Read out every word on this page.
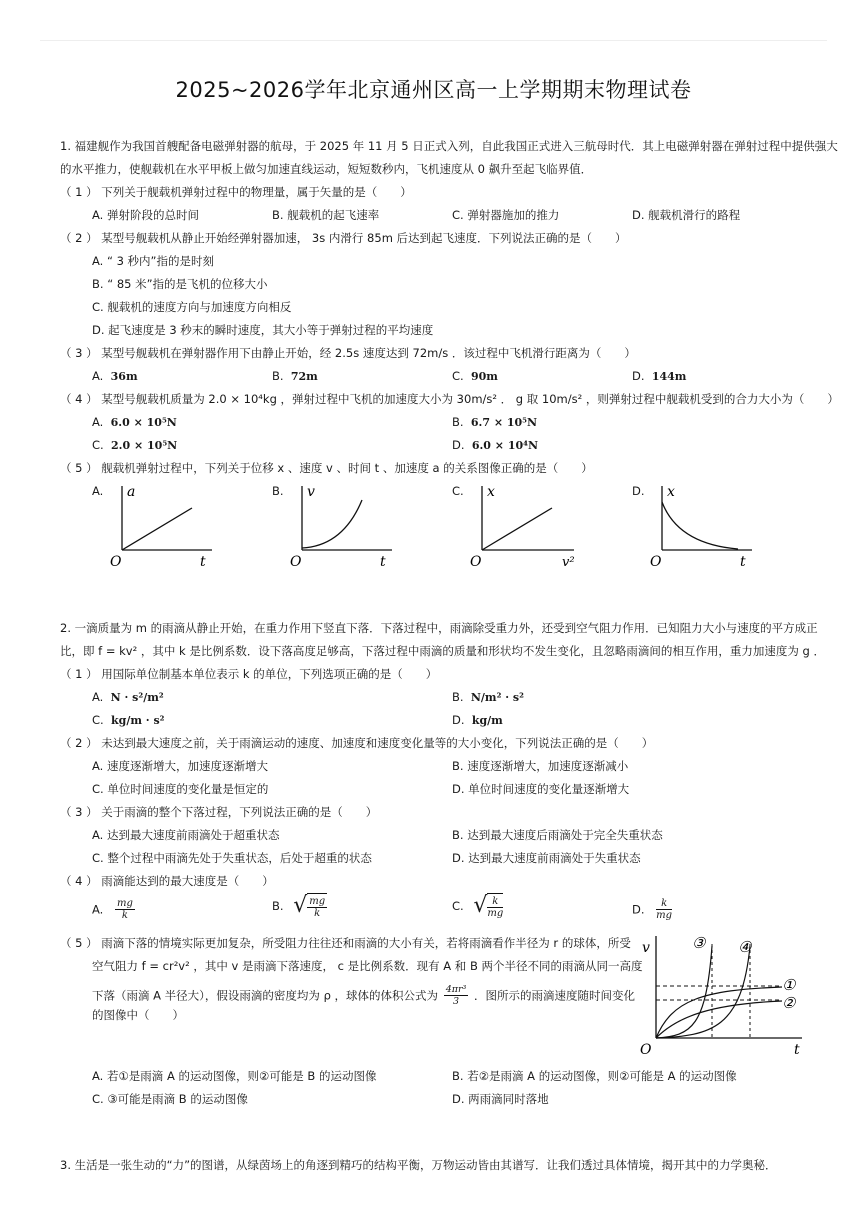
2025~2026学年北京通州区高一上学期期末物理试卷
1. 福建舰作为我国首艘配备电磁弹射器的航母，于 2025 年 11 月 5 日正式入列，自此我国正式进入三航母时代．其上电磁弹射器在弹射过程中提供强大
的水平推力，使舰载机在水平甲板上做匀加速直线运动，短短数秒内，飞机速度从 0 飙升至起飞临界值．
（ 1 ） 下列关于舰载机弹射过程中的物理量，属于矢量的是（　　）
A. 弹射阶段的总时间	B. 舰载机的起飞速率	C. 弹射器施加的推力	D. 舰载机滑行的路程
（ 2 ） 某型号舰载机从静止开始经弹射器加速， 3s 内滑行 85m 后达到起飞速度．下列说法正确的是（　　）
A. “ 3 秒内”指的是时刻
B. “ 85 米”指的是飞机的位移大小
C. 舰载机的速度方向与加速度方向相反
D. 起飞速度是 3 秒末的瞬时速度，其大小等于弹射过程的平均速度
（ 3 ） 某型号舰载机在弹射器作用下由静止开始，经 2.5s 速度达到 72m/s ．该过程中飞机滑行距离为（　　）
A. 36m	B. 72m	C. 90m	D. 144m
（ 4 ） 某型号舰载机质量为 2.0 × 10⁴kg ，弹射过程中飞机的加速度大小为 30m/s² ． g 取 10m/s² ，则弹射过程中舰载机受到的合力大小为（　　）
A. 6.0 × 10⁵N	B. 6.7 × 10⁵N
C. 2.0 × 10⁵N	D. 6.0 × 10⁴N
（ 5 ） 舰载机弹射过程中，下列关于位移 x 、速度 v 、时间 t 、加速度 a 的关系图像正确的是（　　）
A. a
t
O
B. v
t
O
C. x
v²
O
D. x
t
O
2. 一滴质量为 m 的雨滴从静止开始，在重力作用下竖直下落．下落过程中，雨滴除受重力外，还受到空气阻力作用．已知阻力大小与速度的平方成正
比，即 f = kv² ，其中 k 是比例系数．设下落高度足够高，下落过程中雨滴的质量和形状均不发生变化，且忽略雨滴间的相互作用，重力加速度为 g ．
（ 1 ） 用国际单位制基本单位表示 k 的单位，下列选项正确的是（　　）
A. N · s²/m²	B. N/m² · s²
C. kg/m · s²	D. kg/m
（ 2 ） 未达到最大速度之前，关于雨滴运动的速度、加速度和速度变化量等的大小变化，下列说法正确的是（　　）
A. 速度逐渐增大，加速度逐渐增大	B. 速度逐渐增大，加速度逐渐减小
C. 单位时间速度的变化量是恒定的	D. 单位时间速度的变化量逐渐增大
（ 3 ） 关于雨滴的整个下落过程，下列说法正确的是（　　）
A. 达到最大速度前雨滴处于超重状态	B. 达到最大速度后雨滴处于完全失重状态
C. 整个过程中雨滴先处于失重状态，后处于超重的状态	D. 达到最大速度前雨滴处于失重状态
（ 4 ） 雨滴能达到的最大速度是（　　）
A. $\frac{mg}{k}$	B. √ $\frac{mg}{k}$	C. √ $\frac{k}{mg}$	D. $\frac{k}{mg}$
（ 5 ） 雨滴下落的情境实际更加复杂，所受阻力往往还和雨滴的大小有关，若将雨滴看作半径为 r 的球体，所受
空气阻力 f = cr²v² ，其中 v 是雨滴下落速度， c 是比例系数．现有 A 和 B 两个半径不同的雨滴从同一高度
下落（雨滴 A 半径大），假设雨滴的密度均为 ρ ，球体的体积公式为 $\frac{\text{4πr³}}{3}$ ．图所示的雨滴速度随时间变化
的图像中（　　）
v
t
O
③ ④
①
②
A. 若①是雨滴 A 的运动图像，则②可能是 B 的运动图像	B. 若②是雨滴 A 的运动图像，则②可能是 A 的运动图像
C. ③可能是雨滴 B 的运动图像	D. 两雨滴同时落地
3. 生活是一张生动的“力”的图谱，从绿茵场上的角逐到精巧的结构平衡，万物运动皆由其谱写．让我们透过具体情境，揭开其中的力学奥秘．
